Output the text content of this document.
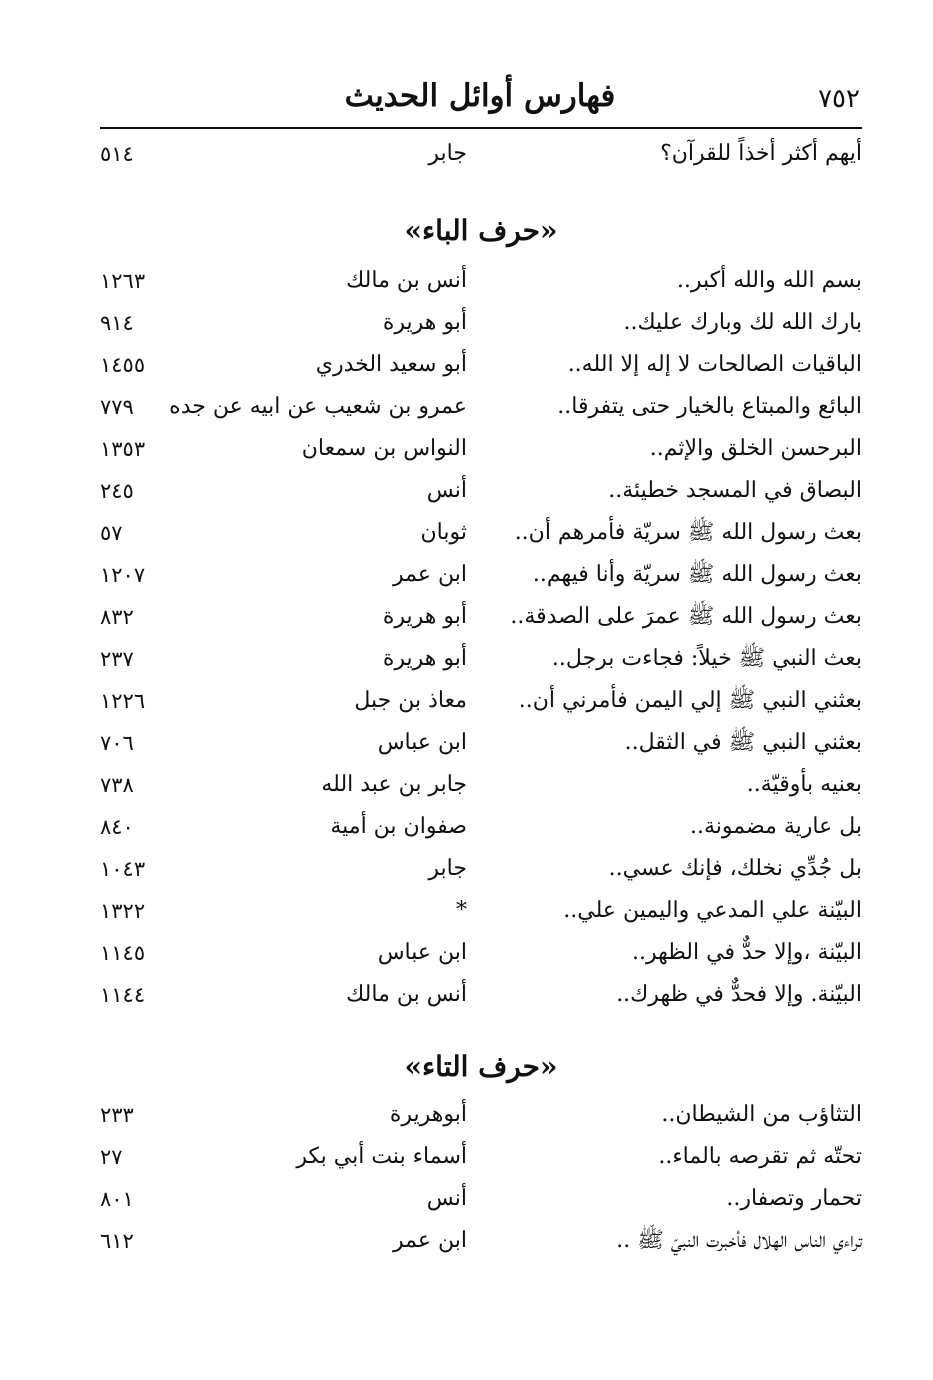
٧٥٢
فهارس أوائل الحديث
أيهم أكثر أخذاً للقرآن؟
جابر
٥١٤
«حرف الباء»
بسم الله والله أكبر..
أنس بن مالك
١٢٦٣
بارك الله لك وبارك عليك..
أبو هريرة
٩١٤
الباقيات الصالحات لا إله إلا الله..
أبو سعيد الخدري
١٤٥٥
البائع والمبتاع بالخيار حتى يتفرقا..
عمرو بن شعيب عن ابيه عن جده
٧٧٩
البرحسن الخلق والإثم..
النواس بن سمعان
١٣٥٣
البصاق في المسجد خطيئة..
أنس
٢٤٥
بعث رسول الله ﷺ سريّة فأمرهم أن..
ثوبان
٥٧
بعث رسول الله ﷺ سريّة وأنا فيهم..
ابن عمر
١٢٠٧
بعث رسول الله ﷺ عمرَ على الصدقة..
أبو هريرة
٨٣٢
بعث النبي ﷺ خيلاً: فجاءت برجل..
أبو هريرة
٢٣٧
بعثني النبي ﷺ إلي اليمن فأمرني أن..
معاذ بن جبل
١٢٢٦
بعثني النبي ﷺ في الثقل..
ابن عباس
٧٠٦
بعنيه بأوقيّة..
جابر بن عبد الله
٧٣٨
بل عارية مضمونة..
صفوان بن أمية
٨٤٠
بل جُدِّي نخلك، فإنك عسي..
جابر
١٠٤٣
البيّنة علي المدعي واليمين علي..
*
١٣٢٢
البيّنة ،وإلا حدٌّ في الظهر..
ابن عباس
١١٤٥
البيّنة. وإلا فحدٌّ في ظهرك..
أنس بن مالك
١١٤٤
«حرف التاء»
التثاؤب من الشيطان..
أبوهريرة
٢٣٣
تحتّه ثم تقرصه بالماء..
أسماء بنت أبي بكر
٢٧
تحمار وتصفار..
أنس
٨٠١
تراءي الناس الهلال فأخبرت النبيّ ﷺ ..
ابن عمر
٦١٢
